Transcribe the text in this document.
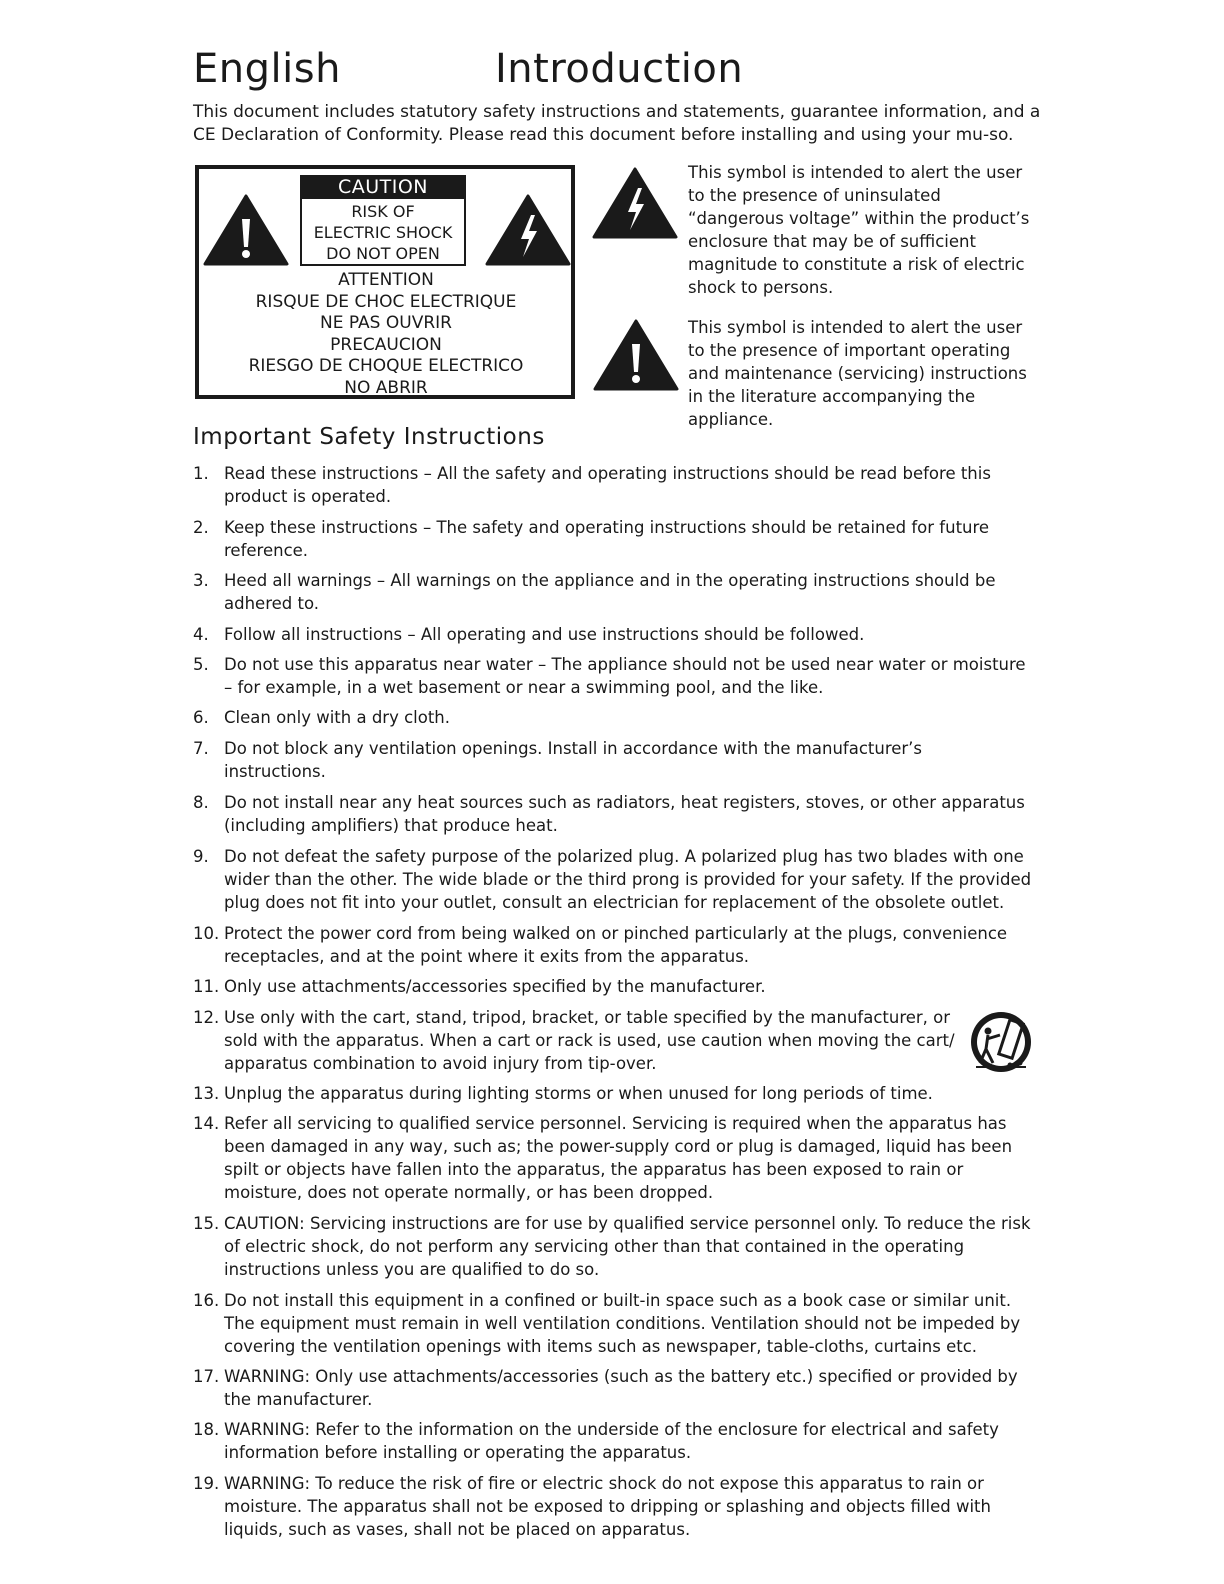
English	Introduction
This document includes statutory safety instructions and statements, guarantee information, and a CE Declaration of Conformity. Please read this document before installing and using your mu-so.
CAUTION
RISK OF
ELECTRIC SHOCK
DO NOT OPEN
ATTENTION
RISQUE DE CHOC ELECTRIQUE
NE PAS OUVRIR
PRECAUCION
RIESGO DE CHOQUE ELECTRICO
NO ABRIR
This symbol is intended to alert the user to the presence of uninsulated “dangerous voltage” within the product’s enclosure that may be of sufficient magnitude to constitute a risk of electric shock to persons.
This symbol is intended to alert the user to the presence of important operating and maintenance (servicing) instructions in the literature accompanying the appliance.
Important Safety Instructions
1. Read these instructions – All the safety and operating instructions should be read before this product is operated.
2. Keep these instructions – The safety and operating instructions should be retained for future reference.
3. Heed all warnings – All warnings on the appliance and in the operating instructions should be adhered to.
4. Follow all instructions – All operating and use instructions should be followed.
5. Do not use this apparatus near water – The appliance should not be used near water or moisture – for example, in a wet basement or near a swimming pool, and the like.
6. Clean only with a dry cloth.
7. Do not block any ventilation openings. Install in accordance with the manufacturer’s instructions.
8. Do not install near any heat sources such as radiators, heat registers, stoves, or other apparatus (including amplifiers) that produce heat.
9. Do not defeat the safety purpose of the polarized plug. A polarized plug has two blades with one wider than the other. The wide blade or the third prong is provided for your safety. If the provided plug does not fit into your outlet, consult an electrician for replacement of the obsolete outlet.
10. Protect the power cord from being walked on or pinched particularly at the plugs, convenience receptacles, and at the point where it exits from the apparatus.
11. Only use attachments/accessories specified by the manufacturer.
12. Use only with the cart, stand, tripod, bracket, or table specified by the manufacturer, or sold with the apparatus. When a cart or rack is used, use caution when moving the cart/ apparatus combination to avoid injury from tip-over.
13. Unplug the apparatus during lighting storms or when unused for long periods of time.
14. Refer all servicing to qualified service personnel. Servicing is required when the apparatus has been damaged in any way, such as; the power-supply cord or plug is damaged, liquid has been spilt or objects have fallen into the apparatus, the apparatus has been exposed to rain or moisture, does not operate normally, or has been dropped.
15. CAUTION: Servicing instructions are for use by qualified service personnel only. To reduce the risk of electric shock, do not perform any servicing other than that contained in the operating instructions unless you are qualified to do so.
16. Do not install this equipment in a confined or built-in space such as a book case or similar unit. The equipment must remain in well ventilation conditions. Ventilation should not be impeded by covering the ventilation openings with items such as newspaper, table-cloths, curtains etc.
17. WARNING: Only use attachments/accessories (such as the battery etc.) specified or provided by the manufacturer.
18. WARNING: Refer to the information on the underside of the enclosure for electrical and safety information before installing or operating the apparatus.
19. WARNING: To reduce the risk of fire or electric shock do not expose this apparatus to rain or moisture. The apparatus shall not be exposed to dripping or splashing and objects filled with liquids, such as vases, shall not be placed on apparatus.
